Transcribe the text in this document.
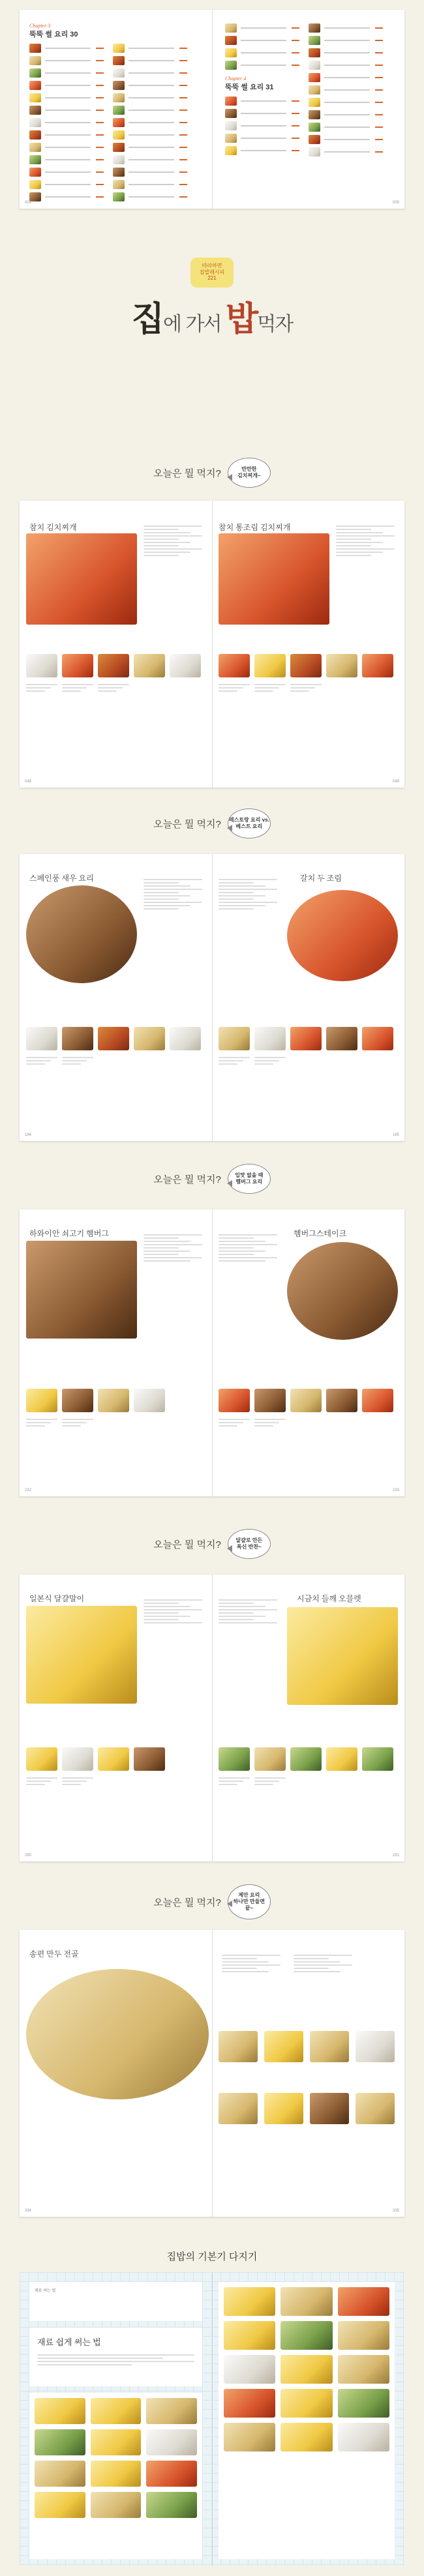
Chapter 3
뚝뚝 썰 요리 30
Chapter 4
뚝뚝 썰 요리 31
004	005
따라하면
집밥레시피
221
집에 가서 밥먹자
오늘은 뭘 먹지?	만만한
김치찌개~
참치 김치찌개	참치 통조림 김치찌개
048	049
오늘은 뭘 먹지? 레스토랑 요리 vs.
베스트 요리
스페인풍 새우 요리	갈치 두 조림
184	185
오늘은 뭘 먹지?	입맛 없을 때
햄버그 요리
하와이안 쇠고기 햄버그	햄버그스테이크
232	233
오늘은 뭘 먹지?	달걀로 만든
폭신 반찬~
일본식 달걀말이	시금치 들깨 오믈렛
290	291
오늘은 뭘 먹지?
제안 요리
하나만 만들면
끝~
송편 만두 전골
334	335
집밥의 기본기 다지기
재료 써는 법
재료 쉽게 써는 법
